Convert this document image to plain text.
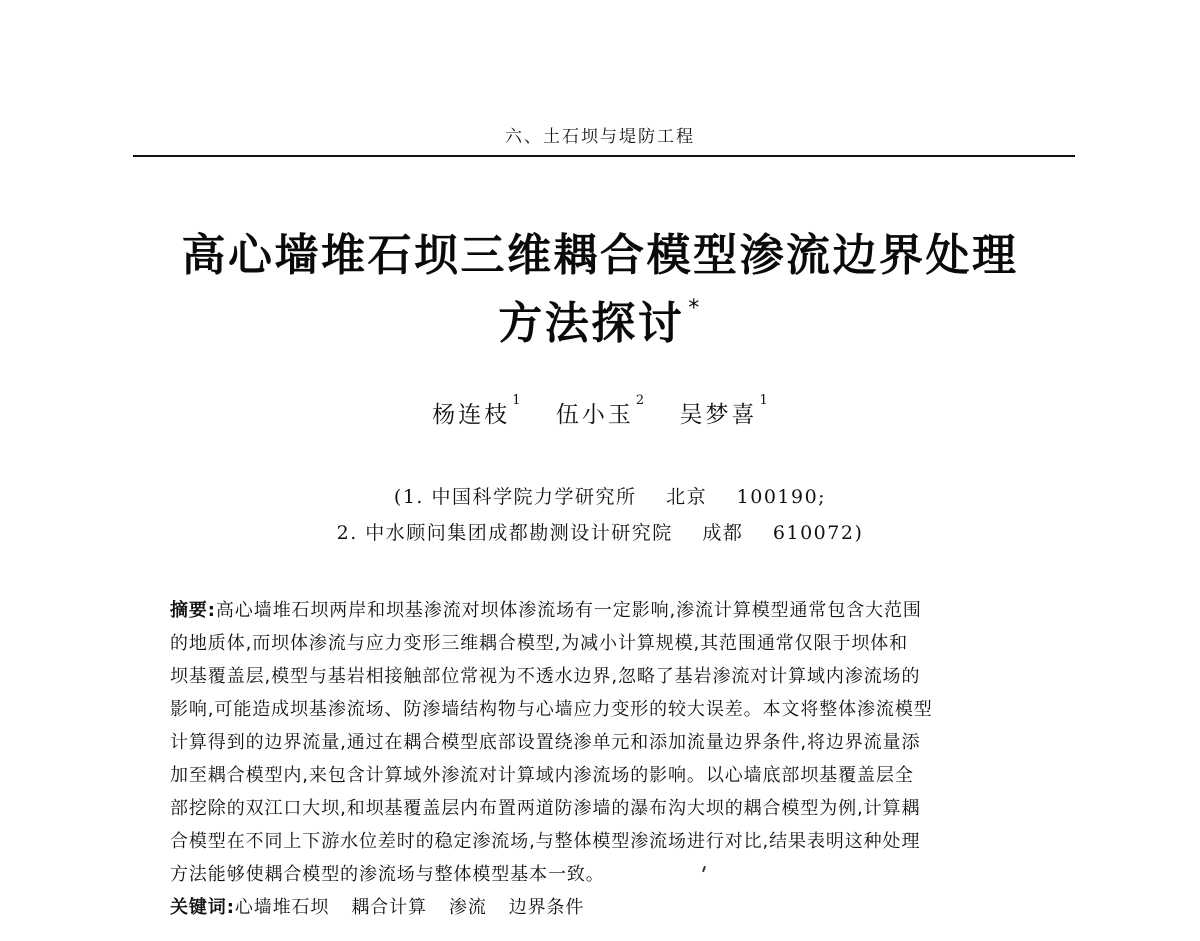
六、土石坝与堤防工程
高心墙堆石坝三维耦合模型渗流边界处理
方法探讨 *
杨连枝$^1$ 伍小玉$^2$ 吴梦喜$^1$
(1. 中国科学院力学研究所 北京 100190;
2. 中水顾问集团成都勘测设计研究院 成都 610072)
摘要:高心墙堆石坝两岸和坝基渗流对坝体渗流场有一定影响,渗流计算模型通常包含大范围
的地质体,而坝体渗流与应力变形三维耦合模型,为减小计算规模,其范围通常仅限于坝体和
坝基覆盖层,模型与基岩相接触部位常视为不透水边界,忽略了基岩渗流对计算域内渗流场的
影响,可能造成坝基渗流场、防渗墙结构物与心墙应力变形的较大误差。本文将整体渗流模型
计算得到的边界流量,通过在耦合模型底部设置绕渗单元和添加流量边界条件,将边界流量添
加至耦合模型内,来包含计算域外渗流对计算域内渗流场的影响。以心墙底部坝基覆盖层全
部挖除的双江口大坝,和坝基覆盖层内布置两道防渗墙的瀑布沟大坝的耦合模型为例,计算耦
合模型在不同上下游水位差时的稳定渗流场,与整体模型渗流场进行对比,结果表明这种处理
方法能够使耦合模型的渗流场与整体模型基本一致。
关键词:心墙堆石坝 耦合计算 渗流 边界条件
